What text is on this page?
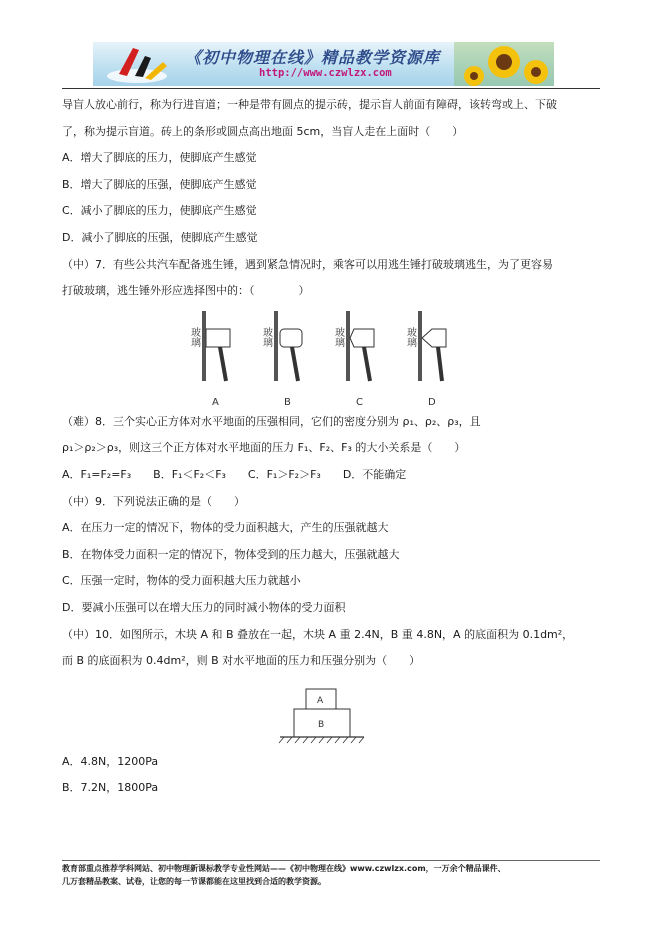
《初中物理在线》精品教学资源库
http://www.czwlzx.com
导盲人放心前行，称为行进盲道；一种是带有圆点的提示砖，提示盲人前面有障碍，该转弯或上、下破
了，称为提示盲道。砖上的条形或圆点高出地面 5cm，当盲人走在上面时（　　）
A．增大了脚底的压力，使脚底产生感觉
B．增大了脚底的压强，使脚底产生感觉
C．减小了脚底的压力，使脚底产生感觉
D．减小了脚底的压强，使脚底产生感觉
（中）7．有些公共汽车配备逃生锤，遇到紧急情况时，乘客可以用逃生锤打破玻璃逃生，为了更容易
打破玻璃，逃生锤外形应选择图中的：（　　　　）
玻璃
A
玻璃
B
玻璃
C
玻璃
D
（难）8．三个实心正方体对水平地面的压强相同，它们的密度分别为 ρ₁、ρ₂、ρ₃，且
ρ₁＞ρ₂＞ρ₃，则这三个正方体对水平地面的压力 F₁、F₂、F₃ 的大小关系是（　　）
A．F₁=F₂=F₃　　B．F₁＜F₂＜F₃　　C．F₁＞F₂＞F₃　　D．不能确定
（中）9．下列说法正确的是（　　）
A．在压力一定的情况下，物体的受力面积越大，产生的压强就越大
B．在物体受力面积一定的情况下，物体受到的压力越大，压强就越大
C．压强一定时，物体的受力面积越大压力就越小
D．要减小压强可以在增大压力的同时减小物体的受力面积
（中）10．如图所示，木块 A 和 B 叠放在一起，木块 A 重 2.4N，B 重 4.8N，A 的底面积为 0.1dm²，
而 B 的底面积为 0.4dm²，则 B 对水平地面的压力和压强分别为（　　）
A
B
A．4.8N，1200Pa
B．7.2N，1800Pa
教育部重点推荐学科网站、初中物理新课标教学专业性网站——《初中物理在线》www.czwlzx.com，一万余个精品课件、
几万套精品教案、试卷，让您的每一节课都能在这里找到合适的教学资源。
